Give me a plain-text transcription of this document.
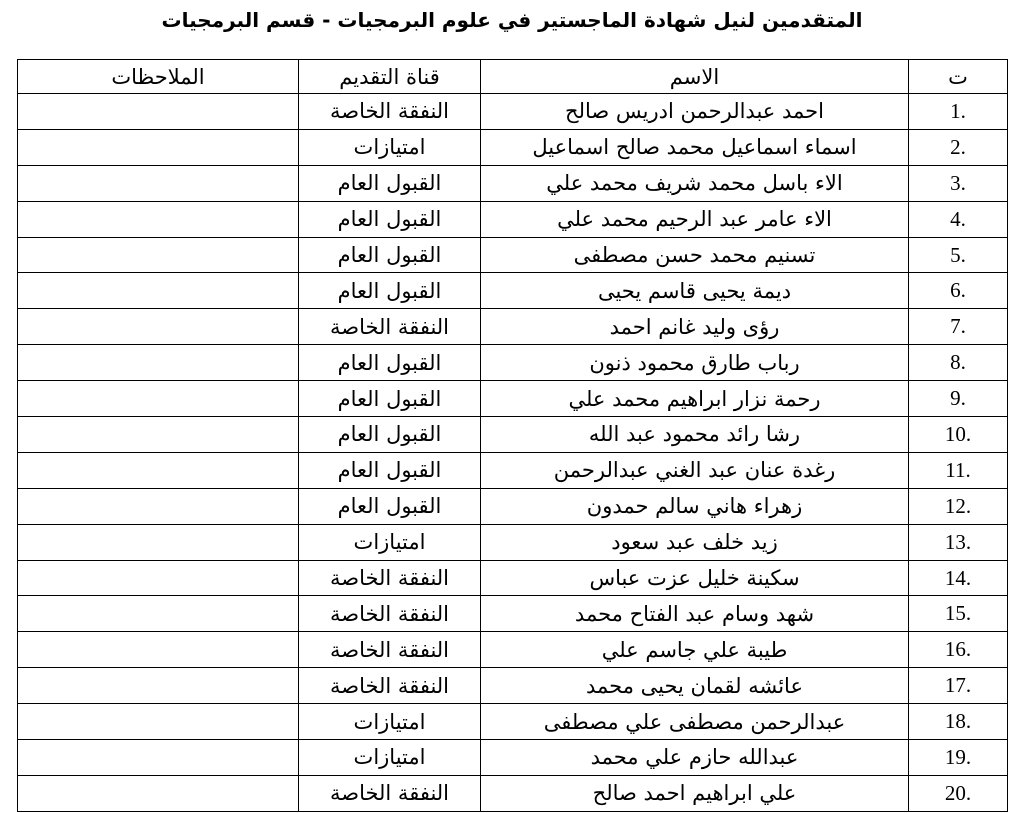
المتقدمين لنيل شهادة الماجستير في علوم البرمجيات - قسم البرمجيات
ت	الاسم	قناة التقديم	الملاحظات
1.	احمد عبدالرحمن ادريس صالح	النفقة الخاصة	
2.	اسماء اسماعيل محمد صالح اسماعيل	امتيازات	
3.	الاء باسل محمد شريف محمد علي	القبول العام	
4.	الاء عامر عبد الرحيم محمد علي	القبول العام	
5.	تسنيم محمد حسن مصطفى	القبول العام	
6.	ديمة يحيى قاسم يحيى	القبول العام	
7.	رؤى وليد غانم احمد	النفقة الخاصة	
8.	رباب طارق محمود ذنون	القبول العام	
9.	رحمة نزار ابراهيم محمد علي	القبول العام	
10.	رشا رائد محمود عبد الله	القبول العام	
11.	رغدة عنان عبد الغني عبدالرحمن	القبول العام	
12.	زهراء هاني سالم حمدون	القبول العام	
13.	زيد خلف عبد سعود	امتيازات	
14.	سكينة خليل عزت عباس	النفقة الخاصة	
15.	شهد وسام عبد الفتاح محمد	النفقة الخاصة	
16.	طيبة علي جاسم علي	النفقة الخاصة	
17.	عائشه لقمان يحيى محمد	النفقة الخاصة	
18.	عبدالرحمن مصطفى علي مصطفى	امتيازات	
19.	عبدالله حازم علي محمد	امتيازات	
20.	علي ابراهيم احمد صالح	النفقة الخاصة	
